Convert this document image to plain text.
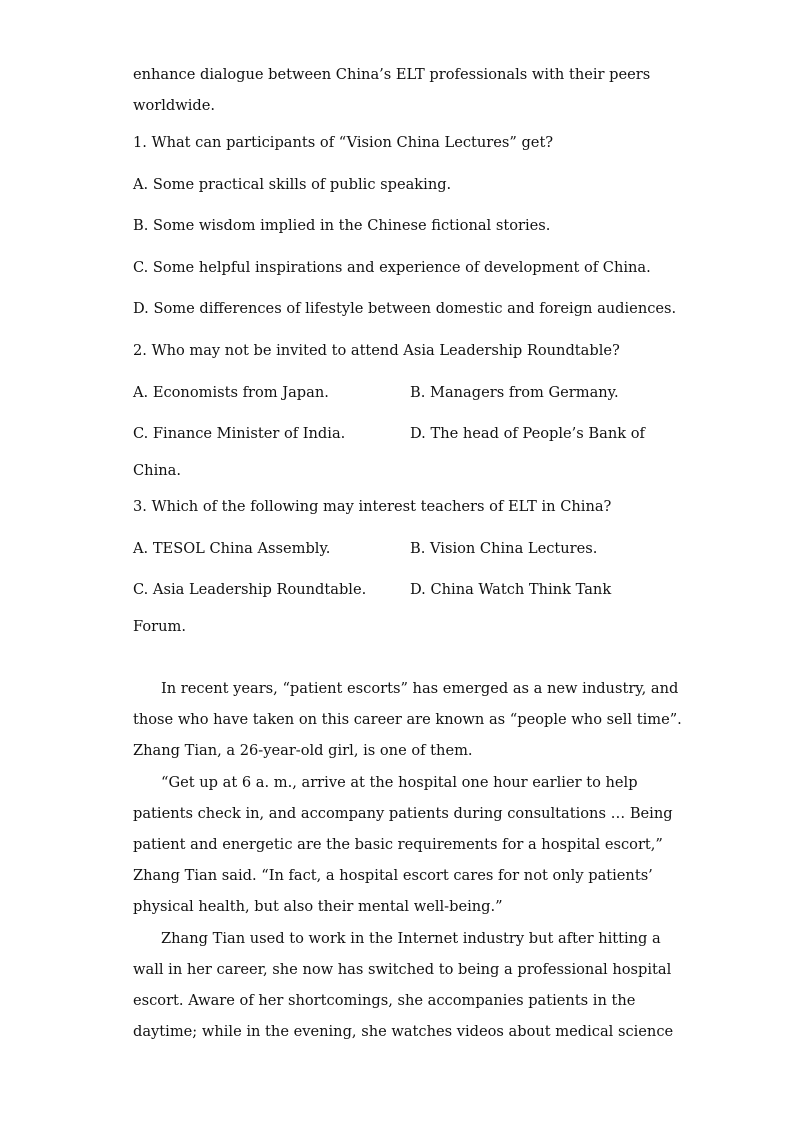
enhance dialogue between China’s ELT professionals with their peers
worldwide.
1. What can participants of “Vision China Lectures” get?
A. Some practical skills of public speaking.
B. Some wisdom implied in the Chinese fictional stories.
C. Some helpful inspirations and experience of development of China.
D. Some differences of lifestyle between domestic and foreign audiences.
2. Who may not be invited to attend Asia Leadership Roundtable?
A. Economists from Japan.	B. Managers from Germany.
C. Finance Minister of India.	D. The head of People’s Bank of
China.
3. Which of the following may interest teachers of ELT in China?
A. TESOL China Assembly.	B. Vision China Lectures.
C. Asia Leadership Roundtable.	D. China Watch Think Tank
Forum.
In recent years, “patient escorts” has emerged as a new industry, and
those who have taken on this career are known as “people who sell time”.
Zhang Tian, a 26-year-old girl, is one of them.
“Get up at 6 a. m., arrive at the hospital one hour earlier to help
patients check in, and accompany patients during consultations … Being
patient and energetic are the basic requirements for a hospital escort,”
Zhang Tian said. “In fact, a hospital escort cares for not only patients’
physical health, but also their mental well-being.”
Zhang Tian used to work in the Internet industry but after hitting a
wall in her career, she now has switched to being a professional hospital
escort. Aware of her shortcomings, she accompanies patients in the
daytime; while in the evening, she watches videos about medical science
